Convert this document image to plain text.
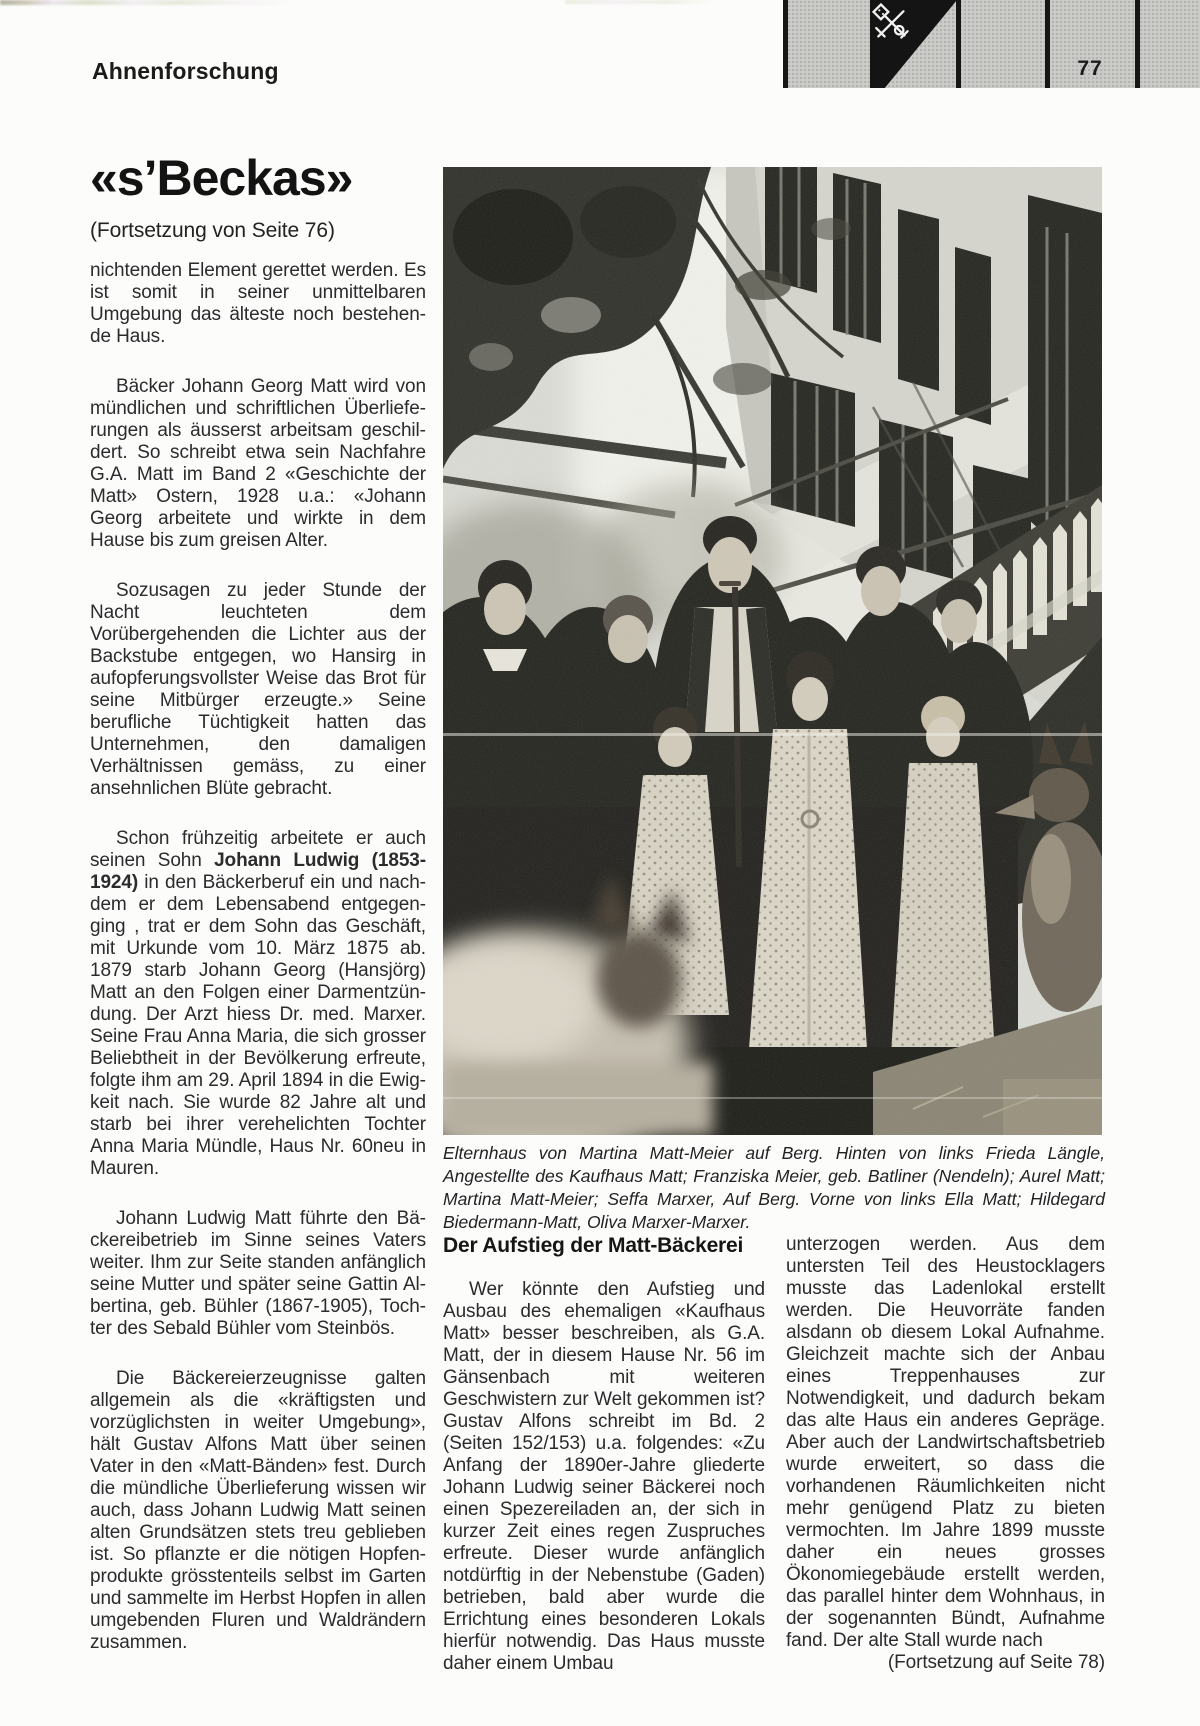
77
Ahnenforschung
«s’Beckas»
(Fortsetzung von Seite 76)

nichtenden Element gerettet werden. Es ist somit in seiner unmittelbaren Umgebung das älteste noch bestehende Haus.

Bäcker Johann Georg Matt wird von mündlichen und schriftlichen Überlieferungen als äusserst arbeitsam geschildert. So schreibt etwa sein Nachfahre G.A. Matt im Band 2 «Geschichte der Matt» Ostern, 1928 u.a.: «Johann Georg arbeitete und wirkte in dem Hause bis zum greisen Alter.

Sozusagen zu jeder Stunde der Nacht leuchteten dem Vorübergehenden die Lichter aus der Backstube entgegen, wo Hansirg in aufopferungsvollster Weise das Brot für seine Mitbürger erzeugte.» Seine berufliche Tüchtigkeit hatten das Unternehmen, den damaligen Verhältnissen gemäss, zu einer ansehnlichen Blüte gebracht.

Schon frühzeitig arbeitete er auch seinen Sohn Johann Ludwig (1853-1924) in den Bäckerberuf ein und nachdem er dem Lebensabend entgegenging , trat er dem Sohn das Geschäft, mit Urkunde vom 10. März 1875 ab. 1879 starb Johann Georg (Hansjörg) Matt an den Folgen einer Darmentzündung. Der Arzt hiess Dr. med. Marxer. Seine Frau Anna Maria, die sich grosser Beliebtheit in der Bevölkerung erfreute, folgte ihm am 29. April 1894 in die Ewigkeit nach. Sie wurde 82 Jahre alt und starb bei ihrer verehelichten Tochter Anna Maria Mündle, Haus Nr. 60neu in Mauren.

Johann Ludwig Matt führte den Bäckereibetrieb im Sinne seines Vaters weiter. Ihm zur Seite standen anfänglich seine Mutter und später seine Gattin Albertina, geb. Bühler (1867-1905), Tochter des Sebald Bühler vom Steinbös.

Die Bäckereierzeugnisse galten allgemein als die «kräftigsten und vorzüglichsten in weiter Umgebung», hält Gustav Alfons Matt über seinen Vater in den «Matt-Bänden» fest. Durch die mündliche Überlieferung wissen wir auch, dass Johann Ludwig Matt seinen alten Grundsätzen stets treu geblieben ist. So pflanzte er die nötigen Hopfenprodukte grösstenteils selbst im Garten und sammelte im Herbst Hopfen in allen umgebenden Fluren und Waldrändern zusammen.

Elternhaus von Martina Matt-Meier auf Berg. Hinten von links Frieda Längle, Angestellte des Kaufhaus Matt; Franziska Meier, geb. Batliner (Nendeln); Aurel Matt; Martina Matt-Meier; Seffa Marxer, Auf Berg. Vorne von links Ella Matt; Hildegard Biedermann-Matt, Oliva Marxer-Marxer.
Der Aufstieg der Matt-Bäckerei

Wer könnte den Aufstieg und Ausbau des ehemaligen «Kaufhaus Matt» besser beschreiben, als G.A. Matt, der in diesem Hause Nr. 56 im Gänsenbach mit weiteren Geschwistern zur Welt gekommen ist? Gustav Alfons schreibt im Bd. 2 (Seiten 152/153) u.a. folgendes: «Zu Anfang der 1890er-Jahre gliederte Johann Ludwig seiner Bäckerei noch einen Spezereiladen an, der sich in kurzer Zeit eines regen Zuspruches erfreute. Dieser wurde anfänglich notdürftig in der Nebenstube (Gaden) betrieben, bald aber wurde die Errichtung eines besonderen Lokals hierfür notwendig. Das Haus musste daher einem Umbau

unterzogen werden. Aus dem untersten Teil des Heustocklagers musste das Ladenlokal erstellt werden. Die Heuvorräte fanden alsdann ob diesem Lokal Aufnahme. Gleichzeit machte sich der Anbau eines Treppenhauses zur Notwendigkeit, und dadurch bekam das alte Haus ein anderes Gepräge. Aber auch der Landwirtschaftsbetrieb wurde erweitert, so dass die vorhandenen Räumlichkeiten nicht mehr genügend Platz zu bieten vermochten. Im Jahre 1899 musste daher ein neues grosses Ökonomiegebäude erstellt werden, das parallel hinter dem Wohnhaus, in der sogenannten Bündt, Aufnahme fand. Der alte Stall wurde nach

(Fortsetzung auf Seite 78)
